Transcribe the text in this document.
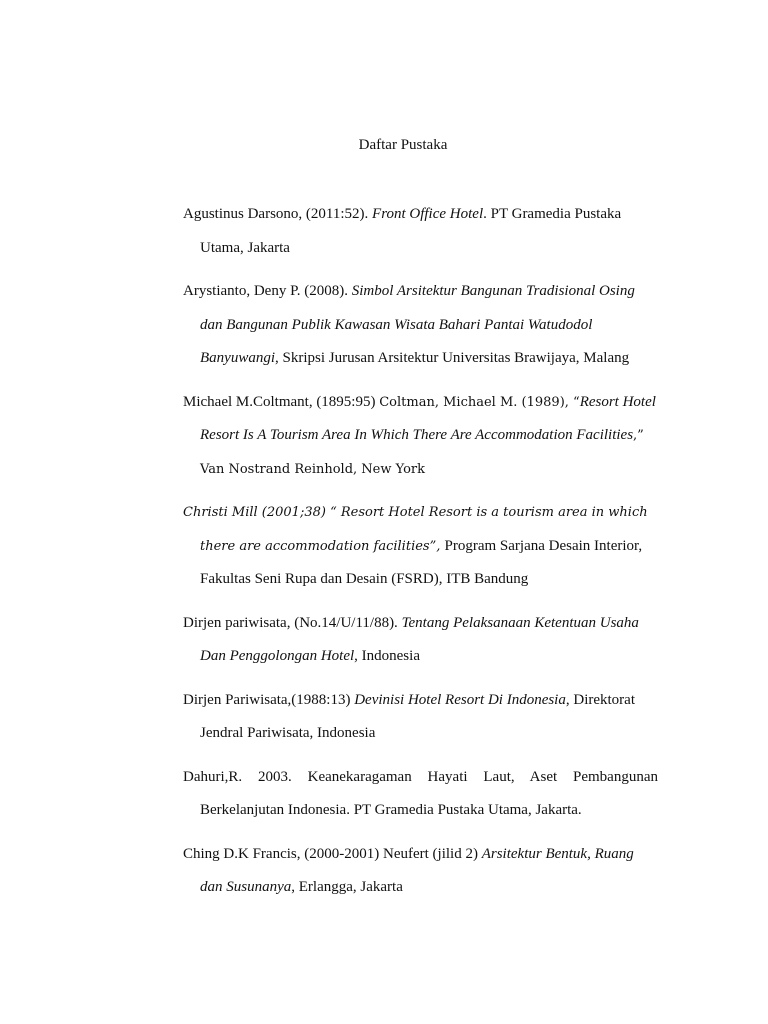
Daftar Pustaka

Agustinus Darsono, (2011:52). Front Office Hotel. PT Gramedia Pustaka Utama, Jakarta

Arystianto, Deny P. (2008). Simbol Arsitektur Bangunan Tradisional Osing dan Bangunan Publik Kawasan Wisata Bahari Pantai Watudodol Banyuwangi, Skripsi Jurusan Arsitektur Universitas Brawijaya, Malang

Michael M.Coltmant, (1895:95) Coltman, Michael M. (1989), “Resort Hotel Resort Is A Tourism Area In Which There Are Accommodation Facilities,” Van Nostrand Reinhold, New York

Christi Mill (2001;38) “ Resort Hotel Resort is a tourism area in which there are accommodation facilities”, Program Sarjana Desain Interior, Fakultas Seni Rupa dan Desain (FSRD), ITB Bandung

Dirjen pariwisata, (No.14/U/11/88). Tentang Pelaksanaan Ketentuan Usaha Dan Penggolongan Hotel, Indonesia

Dirjen Pariwisata,(1988:13) Devinisi Hotel Resort Di Indonesia, Direktorat Jendral Pariwisata, Indonesia

Dahuri,R. 2003. Keanekaragaman Hayati Laut, Aset Pembangunan Berkelanjutan Indonesia. PT Gramedia Pustaka Utama, Jakarta.

Ching D.K Francis, (2000-2001) Neufert (jilid 2) Arsitektur Bentuk, Ruang dan Susunanya, Erlangga, Jakarta
